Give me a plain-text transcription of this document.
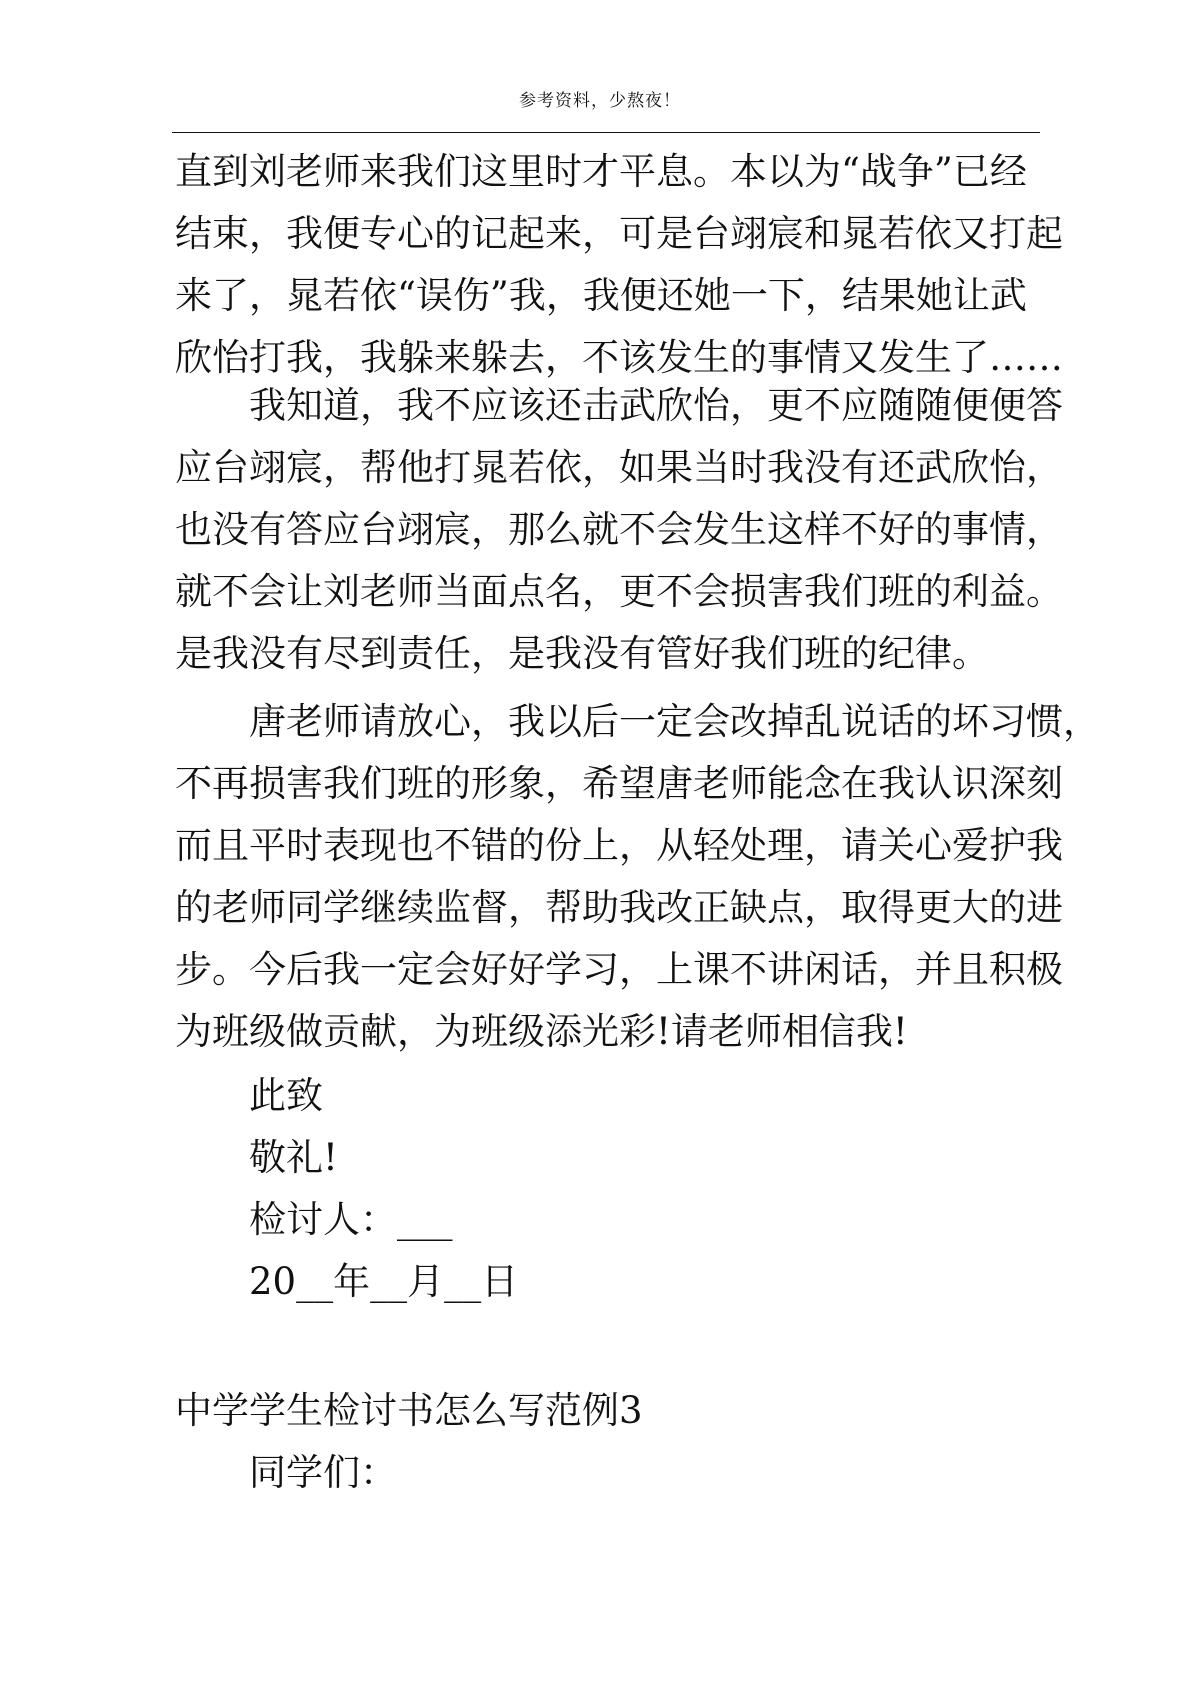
参考资料，少熬夜！
直到刘老师来我们这里时才平息。本以为“战争”已经
结束，我便专心的记起来，可是台翊宸和晁若依又打起
来了，晁若依“误伤”我，我便还她一下，结果她让武
欣怡打我，我躲来躲去，不该发生的事情又发生了……
我知道，我不应该还击武欣怡，更不应随随便便答
应台翊宸，帮他打晁若依，如果当时我没有还武欣怡，
也没有答应台翊宸，那么就不会发生这样不好的事情，
就不会让刘老师当面点名，更不会损害我们班的利益。
是我没有尽到责任，是我没有管好我们班的纪律。
唐老师请放心，我以后一定会改掉乱说话的坏习惯，
不再损害我们班的形象，希望唐老师能念在我认识深刻
而且平时表现也不错的份上，从轻处理，请关心爱护我
的老师同学继续监督，帮助我改正缺点，取得更大的进
步。今后我一定会好好学习，上课不讲闲话，并且积极
为班级做贡献，为班级添光彩!请老师相信我!
此致
敬礼!
检讨人：___
20__年__月__日
中学学生检讨书怎么写范例3
同学们：
